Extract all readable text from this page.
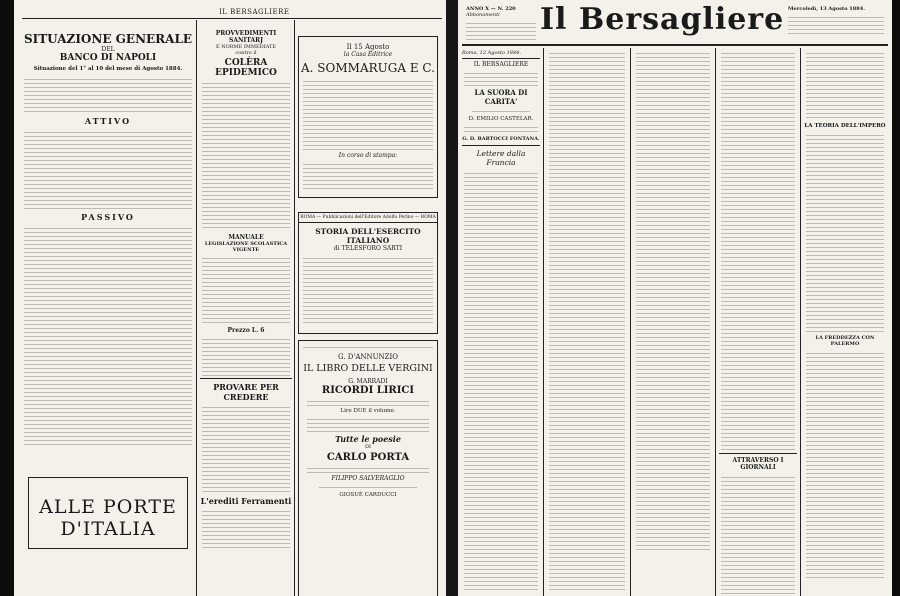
IL BERSAGLIERE
SITUAZIONE GENERALE
DEL
BANCO DI NAPOLI
Situazione del 1° al 10 del mese di Agosto 1884.
ATTIVO
PASSIVO
ALLE PORTE D'ITALIA
PROVVEDIMENTI SANITARJ
E NORME IMMEDIATE
contro il
COLÈRA EPIDEMICO
MANUALE
LEGISLAZIONE SCOLASTICA VIGENTE
Prezzo L. 6
PROVARE PER CREDERE
L'erediti Ferramenti
Il 15 Agosto
la Casa Editrice
A. SOMMARUGA E C.
In corso di stampa:
ROMA — Pubblicazioni dell'Editore Adolfo Perino — ROMA
STORIA DELL'ESERCITO ITALIANO
di TELESFORO SARTI
G. D'ANNUNZIO
IL LIBRO DELLE VERGINI
G. MARRADI
RICORDI LIRICI
Lire DUE il volume.
Tutte le poesie
DI
CARLO PORTA
FILIPPO SALVERAGLIO
GIOSUÈ CARDUCCI
ANNO X — N. 220
Abbonamenti	Il Bersagliere Mercoledì, 13 Agosto 1884.
Roma, 12 Agosto 1884.
IL BERSAGLIERE
LA SUORA DI CARITA'
D. EMILIO CASTELAR.
G. D. BARTOCCI FONTANA.
Lettere dalla Francia
ATTRAVERSO I GIORNALI
LA TEORIA DELL'IMPERO
LA FREDDEZZA CON PALERMO
